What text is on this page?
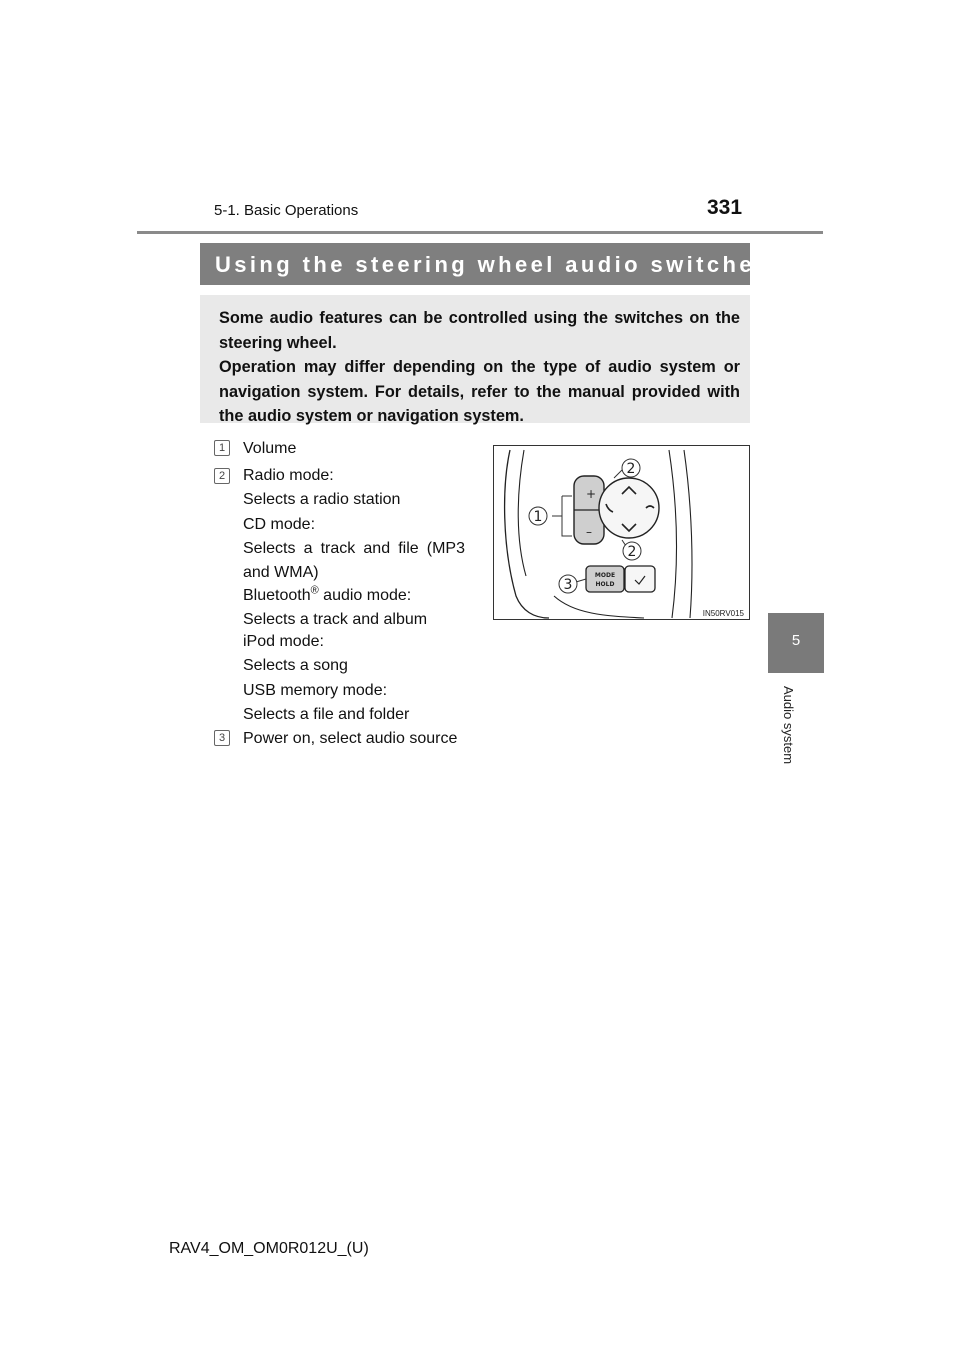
5-1. Basic Operations	331
5
Audio system
Using the steering wheel audio switches

Some audio features can be controlled using the switches on the steering wheel.

Operation may differ depending on the type of audio system or navigation system. For details, refer to the manual provided with the audio system or navigation system.

1	Volume

2	Radio mode:

Selects a radio station

CD mode:

Selects a track and file (MP3 and WMA)

Bluetooth® audio mode:

Selects a track and album

iPod mode:

Selects a song

USB memory mode:

Selects a file and folder

3	Power on, select audio source

+
–
MODE
HOLD
1
2
2
3
IN50RV015
RAV4_OM_OM0R012U_(U)
